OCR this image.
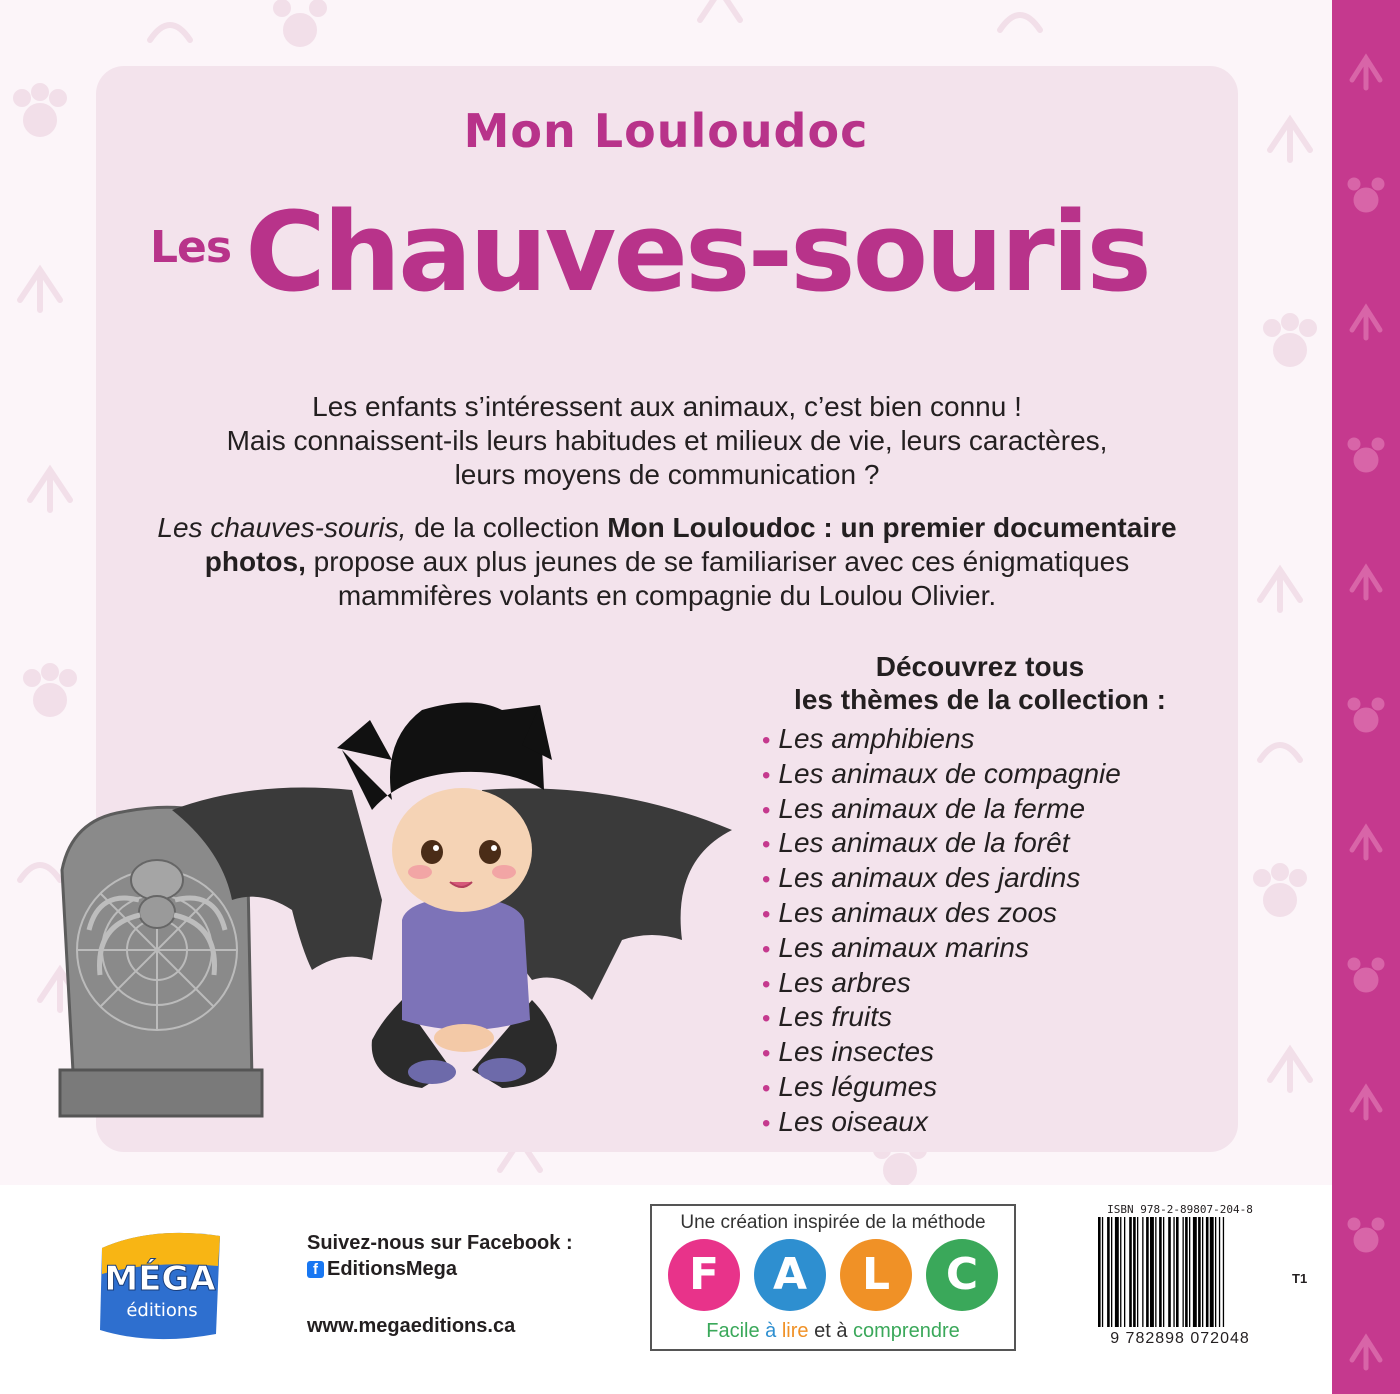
Mon Louloudoc
Les Chauves-souris
Les enfants s’intéressent aux animaux, c’est bien connu !
Mais connaissent-ils leurs habitudes et milieux de vie, leurs caractères,
leurs moyens de communication ?
Les chauves-souris, de la collection Mon Louloudoc : un premier documentaire photos, propose aux plus jeunes de se familiariser avec ces énigmatiques mammifères volants en compagnie du Loulou Olivier.
Découvrez tous
les thèmes de la collection :
• Les amphibiens
• Les animaux de compagnie
• Les animaux de la ferme
• Les animaux de la forêt
• Les animaux des jardins
• Les animaux des zoos
• Les animaux marins
• Les arbres
• Les fruits
• Les insectes
• Les légumes
• Les oiseaux
MÉGA
éditions
Suivez-nous sur Facebook :
f EditionsMega
www.megaeditions.ca
Une création inspirée de la méthode
F	A	L	C
Facile à lire et à comprendre
ISBN 978-2-89807-204-8
9 782898 072048
T1
